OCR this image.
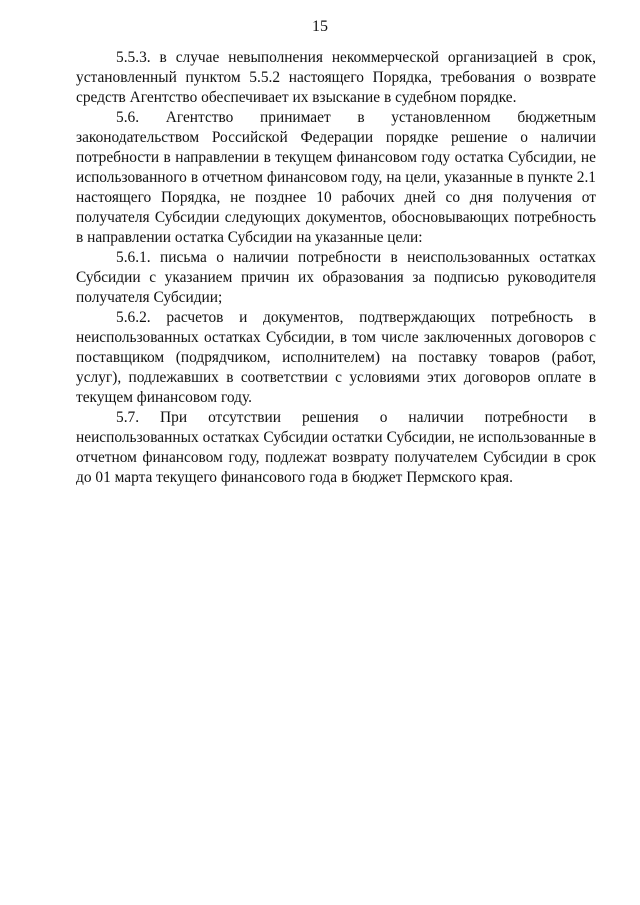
15

5.5.3. в случае невыполнения некоммерческой организацией в срок, установленный пунктом 5.5.2 настоящего Порядка, требования о возврате средств Агентство обеспечивает их взыскание в судебном порядке.

5.6. Агентство принимает в установленном бюджетным законодательством Российской Федерации порядке решение о наличии потребности в направлении в текущем финансовом году остатка Субсидии, не использованного в отчетном финансовом году, на цели, указанные в пункте 2.1 настоящего Порядка, не позднее 10 рабочих дней со дня получения от получателя Субсидии следующих документов, обосновывающих потребность в направлении остатка Субсидии на указанные цели:

5.6.1. письма о наличии потребности в неиспользованных остатках Субсидии с указанием причин их образования за подписью руководителя получателя Субсидии;

5.6.2. расчетов и документов, подтверждающих потребность в неиспользованных остатках Субсидии, в том числе заключенных договоров с поставщиком (подрядчиком, исполнителем) на поставку товаров (работ, услуг), подлежавших в соответствии с условиями этих договоров оплате в текущем финансовом году.

5.7. При отсутствии решения о наличии потребности в неиспользованных остатках Субсидии остатки Субсидии, не использованные в отчетном финансовом году, подлежат возврату получателем Субсидии в срок до 01 марта текущего финансового года в бюджет Пермского края.
